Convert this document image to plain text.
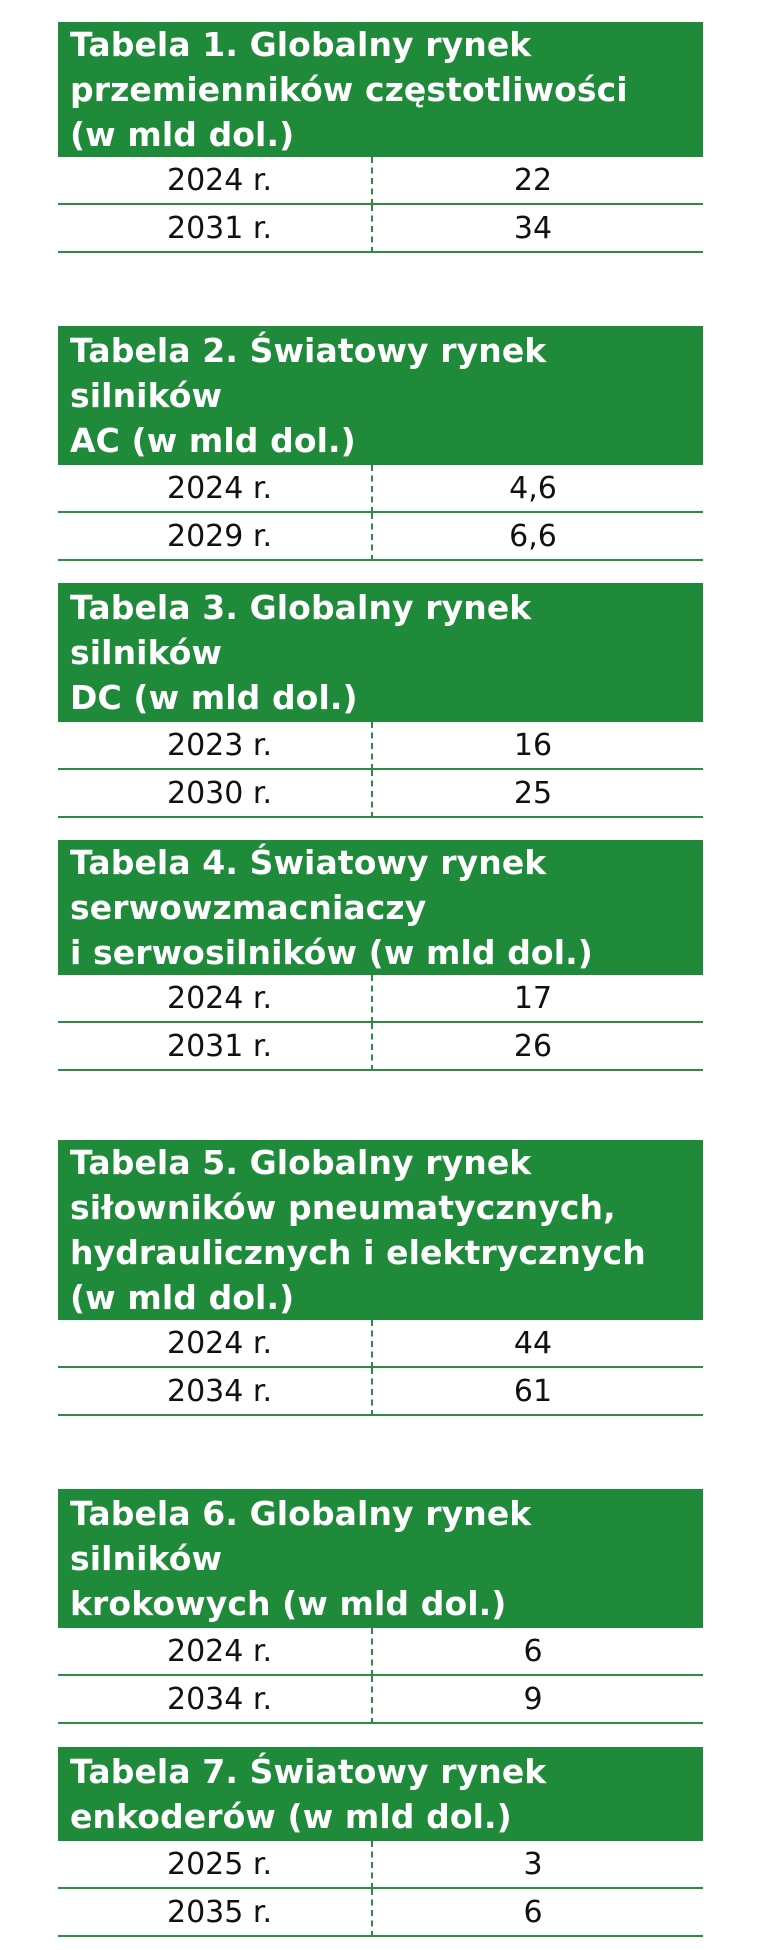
Tabela 1. Globalny rynek
przemienników częstotliwości
(w mld dol.)
2024 r.	22
2031 r.	34
Tabela 2. Światowy rynek silników
AC (w mld dol.)
2024 r.	4,6
2029 r.	6,6
Tabela 3. Globalny rynek silników
DC (w mld dol.)
2023 r.	16
2030 r.	25
Tabela 4. Światowy rynek
serwowzmacniaczy
i serwosilników (w mld dol.)
2024 r.	17
2031 r.	26
Tabela 5. Globalny rynek
siłowników pneumatycznych,
hydraulicznych i elektrycznych
(w mld dol.)
2024 r.	44
2034 r.	61
Tabela 6. Globalny rynek silników
krokowych (w mld dol.)
2024 r.	6
2034 r.	9
Tabela 7. Światowy rynek
enkoderów (w mld dol.)
2025 r.	3
2035 r.	6
